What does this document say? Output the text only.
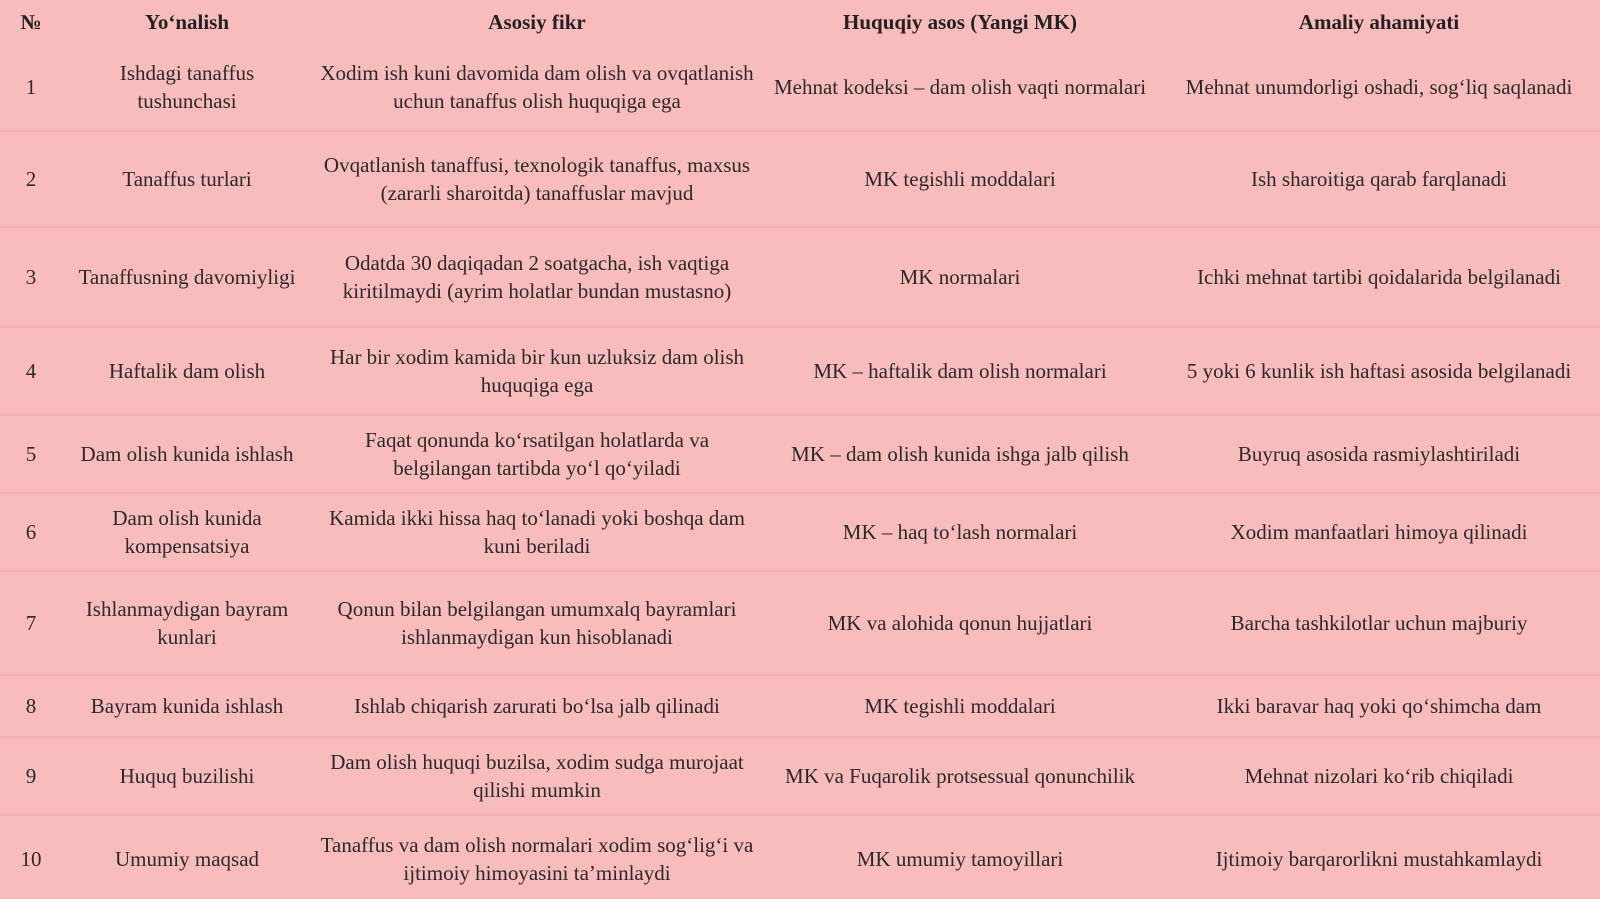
№	Yo‘nalish	Asosiy fikr	Huquqiy asos (Yangi MK)	Amaliy ahamiyati
1	Ishdagi tanaffus tushunchasi	Xodim ish kuni davomida dam olish va ovqatlanish uchun tanaffus olish huquqiga ega	Mehnat kodeksi – dam olish vaqti normalari	Mehnat unumdorligi oshadi, sog‘liq saqlanadi
2	Tanaffus turlari	Ovqatlanish tanaffusi, texnologik tanaffus, maxsus (zararli sharoitda) tanaffuslar mavjud	MK tegishli moddalari	Ish sharoitiga qarab farqlanadi
3	Tanaffusning davomiyligi	Odatda 30 daqiqadan 2 soatgacha, ish vaqtiga kiritilmaydi (ayrim holatlar bundan mustasno)	MK normalari	Ichki mehnat tartibi qoidalarida belgilanadi
4	Haftalik dam olish	Har bir xodim kamida bir kun uzluksiz dam olish huquqiga ega	MK – haftalik dam olish normalari	5 yoki 6 kunlik ish haftasi asosida belgilanadi
5	Dam olish kunida ishlash	Faqat qonunda ko‘rsatilgan holatlarda va belgilangan tartibda yo‘l qo‘yiladi	MK – dam olish kunida ishga jalb qilish	Buyruq asosida rasmiylashtiriladi
6	Dam olish kunida kompensatsiya	Kamida ikki hissa haq to‘lanadi yoki boshqa dam kuni beriladi	MK – haq to‘lash normalari	Xodim manfaatlari himoya qilinadi
7	Ishlanmaydigan bayram kunlari	Qonun bilan belgilangan umumxalq bayramlari ishlanmaydigan kun hisoblanadi	MK va alohida qonun hujjatlari	Barcha tashkilotlar uchun majburiy
8	Bayram kunida ishlash	Ishlab chiqarish zarurati bo‘lsa jalb qilinadi	MK tegishli moddalari	Ikki baravar haq yoki qo‘shimcha dam
9	Huquq buzilishi	Dam olish huquqi buzilsa, xodim sudga murojaat qilishi mumkin	MK va Fuqarolik protsessual qonunchilik	Mehnat nizolari ko‘rib chiqiladi
10	Umumiy maqsad	Tanaffus va dam olish normalari xodim sog‘lig‘i va ijtimoiy himoyasini ta’minlaydi	MK umumiy tamoyillari	Ijtimoiy barqarorlikni mustahkamlaydi
